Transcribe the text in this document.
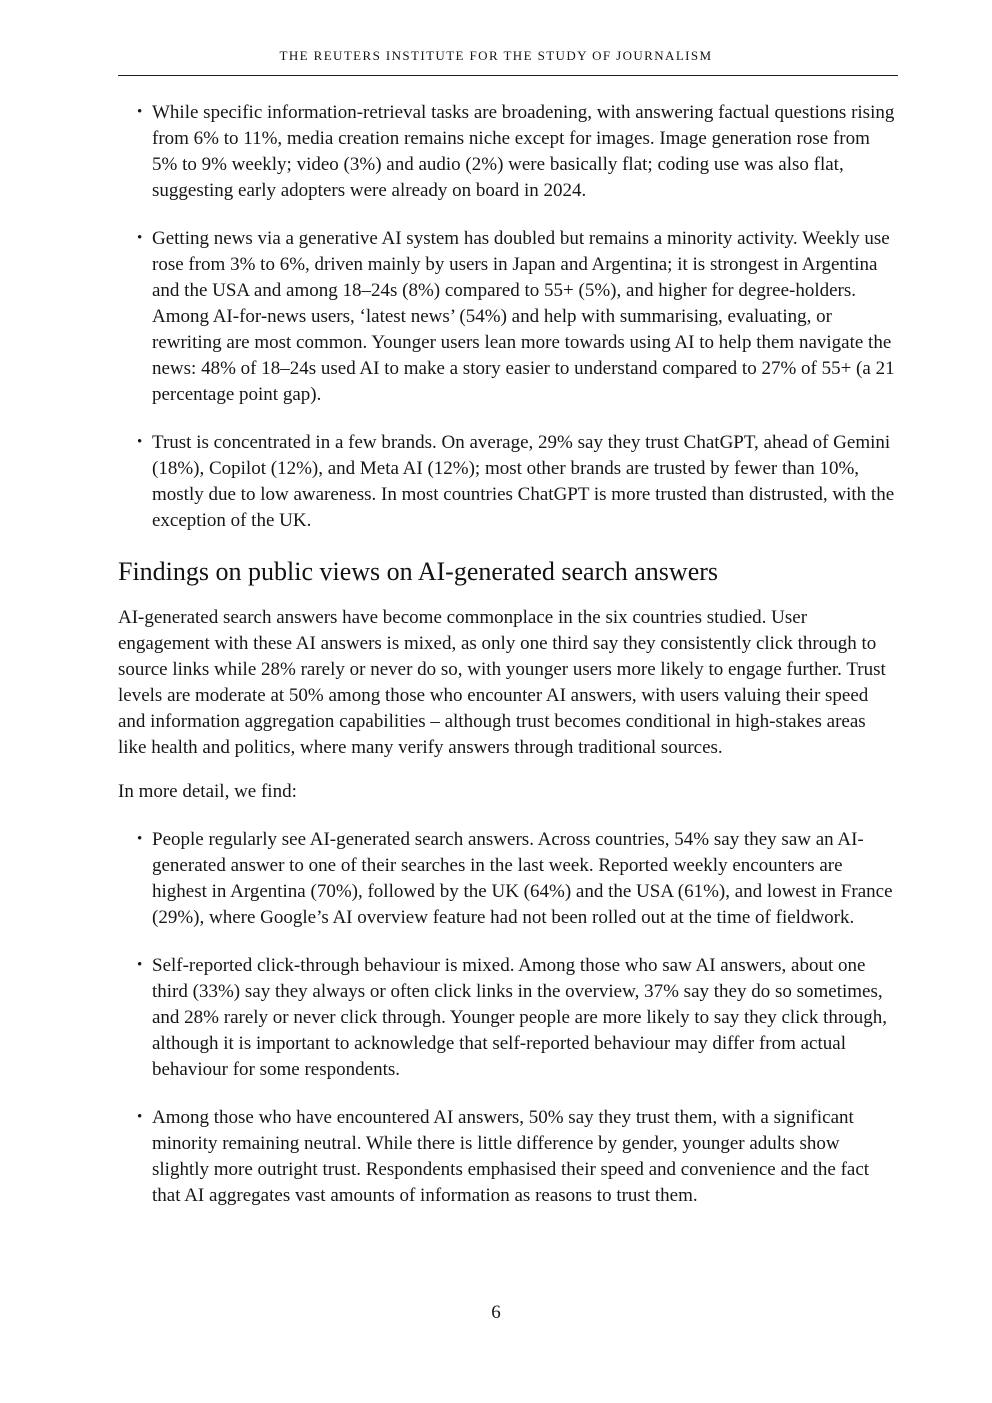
THE REUTERS INSTITUTE FOR THE STUDY OF JOURNALISM
• While specific information-retrieval tasks are broadening, with answering factual questions rising from 6% to 11%, media creation remains niche except for images. Image generation rose from 5% to 9% weekly; video (3%) and audio (2%) were basically flat; coding use was also flat, suggesting early adopters were already on board in 2024.
• Getting news via a generative AI system has doubled but remains a minority activity. Weekly use rose from 3% to 6%, driven mainly by users in Japan and Argentina; it is strongest in Argentina and the USA and among 18–24s (8%) compared to 55+ (5%), and higher for degree-holders. Among AI-for-news users, ‘latest news’ (54%) and help with summarising, evaluating, or rewriting are most common. Younger users lean more towards using AI to help them navigate the news: 48% of 18–24s used AI to make a story easier to understand compared to 27% of 55+ (a 21 percentage point gap).
• Trust is concentrated in a few brands. On average, 29% say they trust ChatGPT, ahead of Gemini (18%), Copilot (12%), and Meta AI (12%); most other brands are trusted by fewer than 10%, mostly due to low awareness. In most countries ChatGPT is more trusted than distrusted, with the exception of the UK.
Findings on public views on AI-generated search answers

AI-generated search answers have become commonplace in the six countries studied. User engagement with these AI answers is mixed, as only one third say they consistently click through to source links while 28% rarely or never do so, with younger users more likely to engage further. Trust levels are moderate at 50% among those who encounter AI answers, with users valuing their speed and information aggregation capabilities – although trust becomes conditional in high-stakes areas like health and politics, where many verify answers through traditional sources.

In more detail, we find:

• People regularly see AI-generated search answers. Across countries, 54% say they saw an AI-generated answer to one of their searches in the last week. Reported weekly encounters are highest in Argentina (70%), followed by the UK (64%) and the USA (61%), and lowest in France (29%), where Google’s AI overview feature had not been rolled out at the time of fieldwork.
• Self-reported click-through behaviour is mixed. Among those who saw AI answers, about one third (33%) say they always or often click links in the overview, 37% say they do so sometimes, and 28% rarely or never click through. Younger people are more likely to say they click through, although it is important to acknowledge that self-reported behaviour may differ from actual behaviour for some respondents.
• Among those who have encountered AI answers, 50% say they trust them, with a significant minority remaining neutral. While there is little difference by gender, younger adults show slightly more outright trust. Respondents emphasised their speed and convenience and the fact that AI aggregates vast amounts of information as reasons to trust them.
6
